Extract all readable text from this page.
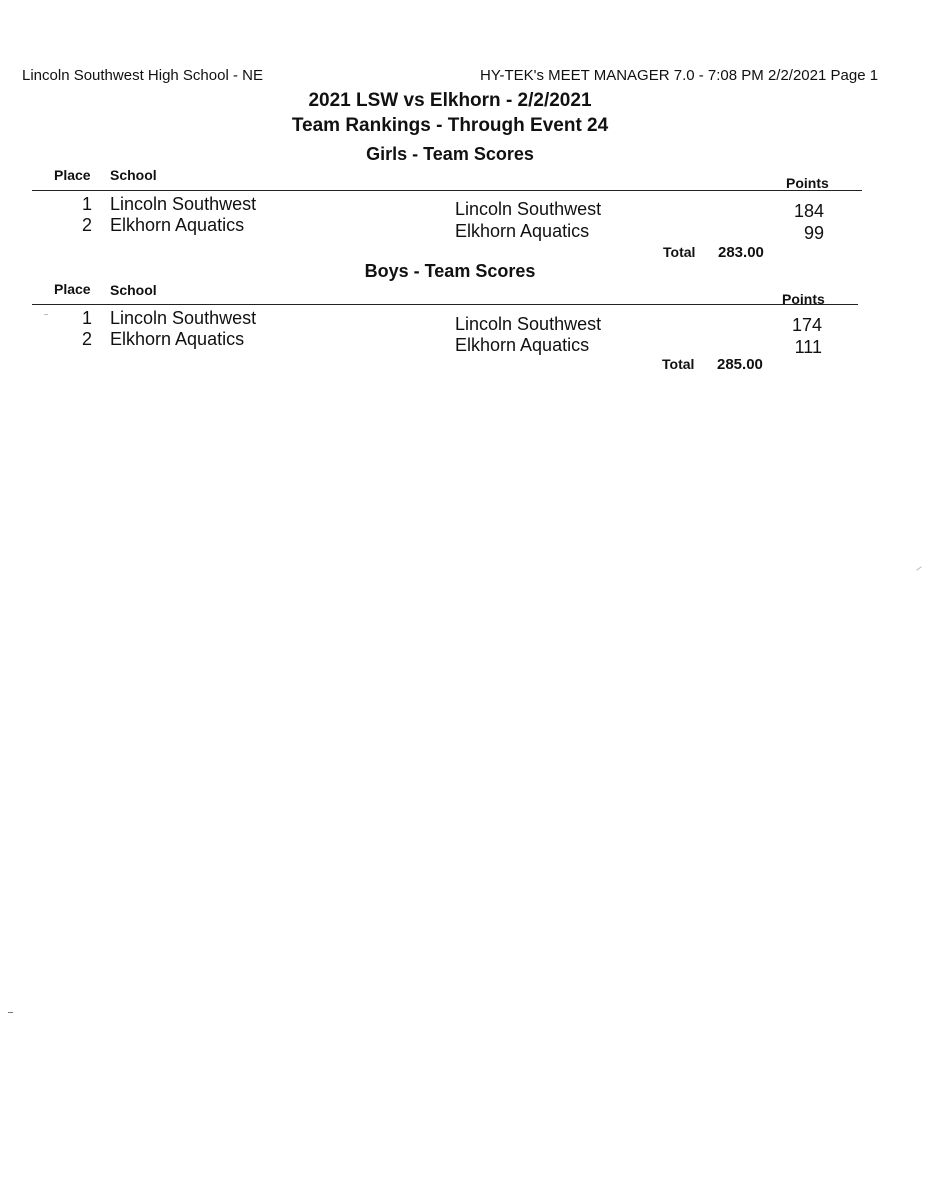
Lincoln Southwest High School - NE	HY-TEK's MEET MANAGER 7.0 - 7:08 PM 2/2/2021 Page 1
2021 LSW vs Elkhorn - 2/2/2021
Team Rankings - Through Event 24
Girls - Team Scores
Place School	Points
1 Lincoln Southwest	Lincoln Southwest	184
2 Elkhorn Aquatics	Elkhorn Aquatics	99
Total 283.00
Boys - Team Scores
Place School
Points
1 Lincoln Southwest	Lincoln Southwest	174
2 Elkhorn Aquatics	Elkhorn Aquatics	111
Total 285.00
